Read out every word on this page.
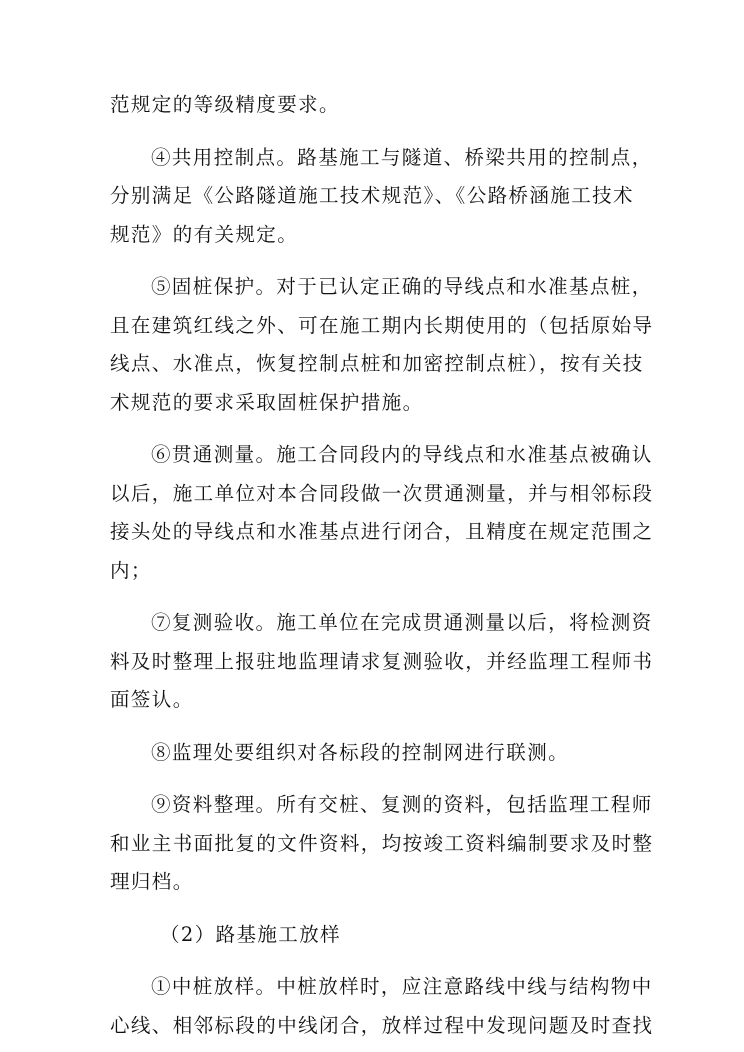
范规定的等级精度要求。
④共用控制点。路基施工与隧道、桥梁共用的控制点，
分别满足《公路隧道施工技术规范》、《公路桥涵施工技术
规范》的有关规定。
⑤固桩保护。对于已认定正确的导线点和水准基点桩，
且在建筑红线之外、可在施工期内长期使用的（包括原始导
线点、水准点，恢复控制点桩和加密控制点桩），按有关技
术规范的要求采取固桩保护措施。
⑥贯通测量。施工合同段内的导线点和水准基点被确认
以后，施工单位对本合同段做一次贯通测量，并与相邻标段
接头处的导线点和水准基点进行闭合，且精度在规定范围之
内；
⑦复测验收。施工单位在完成贯通测量以后，将检测资
料及时整理上报驻地监理请求复测验收，并经监理工程师书
面签认。
⑧监理处要组织对各标段的控制网进行联测。
⑨资料整理。所有交桩、复测的资料，包括监理工程师
和业主书面批复的文件资料，均按竣工资料编制要求及时整
理归档。
（2）路基施工放样
①中桩放样。中桩放样时，应注意路线中线与结构物中
心线、相邻标段的中线闭合，放样过程中发现问题及时查找
